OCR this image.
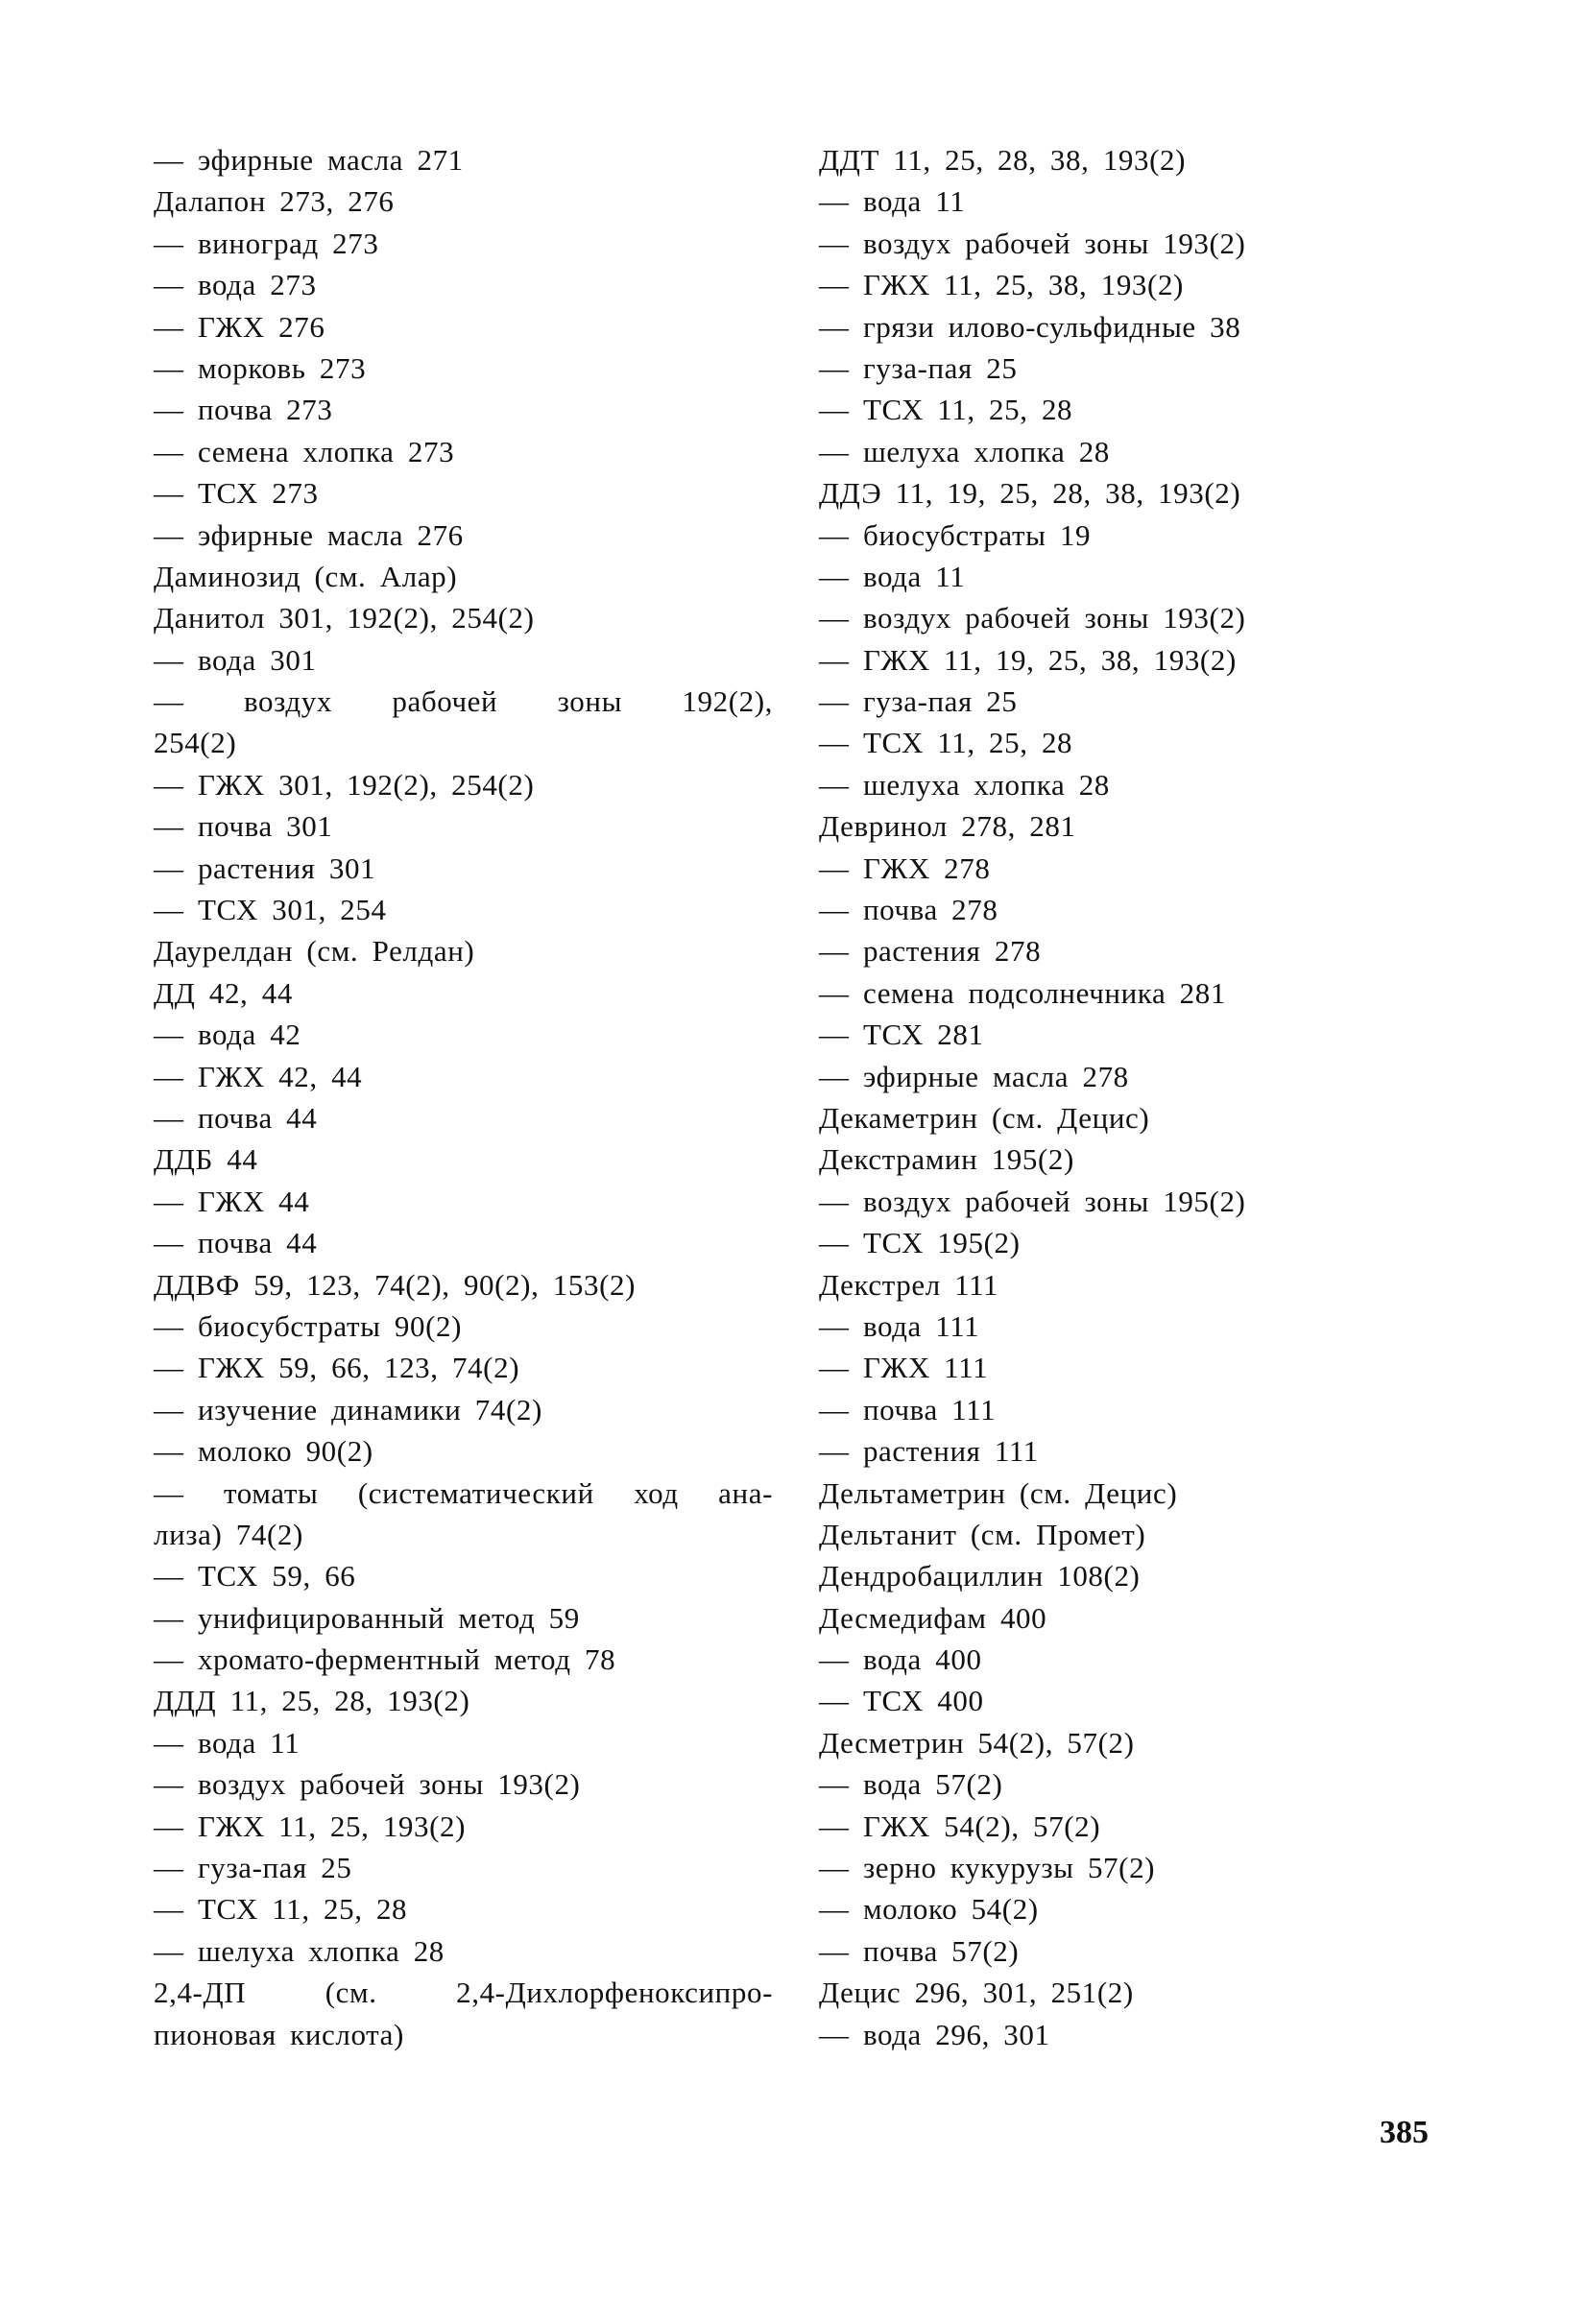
— эфирные масла 271
Далапон 273, 276
— виноград 273
— вода 273
— ГЖХ 276
— морковь 273
— почва 273
— семена хлопка 273
— ТСХ 273
— эфирные масла 276
Даминозид (см. Алар)
Данитол 301, 192(2), 254(2)
— вода 301
— воздух рабочей зоны 192(2),
254(2)
— ГЖХ 301, 192(2), 254(2)
— почва 301
— растения 301
— ТСХ 301, 254
Даурелдан (см. Релдан)
ДД 42, 44
— вода 42
— ГЖХ 42, 44
— почва 44
ДДБ 44
— ГЖХ 44
— почва 44
ДДВФ 59, 123, 74(2), 90(2), 153(2)
— биосубстраты 90(2)
— ГЖХ 59, 66, 123, 74(2)
— изучение динамики 74(2)
— молоко 90(2)
— томаты (систематический ход ана-
лиза) 74(2)
— ТСХ 59, 66
— унифицированный метод 59
— хромато-ферментный метод 78
ДДД 11, 25, 28, 193(2)
— вода 11
— воздух рабочей зоны 193(2)
— ГЖХ 11, 25, 193(2)
— гуза-пая 25
— ТСХ 11, 25, 28
— шелуха хлопка 28
2,4-ДП (см. 2,4-Дихлорфеноксипро-
пионовая кислота)
ДДТ 11, 25, 28, 38, 193(2)
— вода 11
— воздух рабочей зоны 193(2)
— ГЖХ 11, 25, 38, 193(2)
— грязи илово-сульфидные 38
— гуза-пая 25
— ТСХ 11, 25, 28
— шелуха хлопка 28
ДДЭ 11, 19, 25, 28, 38, 193(2)
— биосубстраты 19
— вода 11
— воздух рабочей зоны 193(2)
— ГЖХ 11, 19, 25, 38, 193(2)
— гуза-пая 25
— ТСХ 11, 25, 28
— шелуха хлопка 28
Девринол 278, 281
— ГЖХ 278
— почва 278
— растения 278
— семена подсолнечника 281
— ТСХ 281
— эфирные масла 278
Декаметрин (см. Децис)
Декстрамин 195(2)
— воздух рабочей зоны 195(2)
— ТСХ 195(2)
Декстрел 111
— вода 111
— ГЖХ 111
— почва 111
— растения 111
Дельтаметрин (см. Децис)
Дельтанит (см. Промет)
Дендробациллин 108(2)
Десмедифам 400
— вода 400
— ТСХ 400
Десметрин 54(2), 57(2)
— вода 57(2)
— ГЖХ 54(2), 57(2)
— зерно кукурузы 57(2)
— молоко 54(2)
— почва 57(2)
Децис 296, 301, 251(2)
— вода 296, 301
385
